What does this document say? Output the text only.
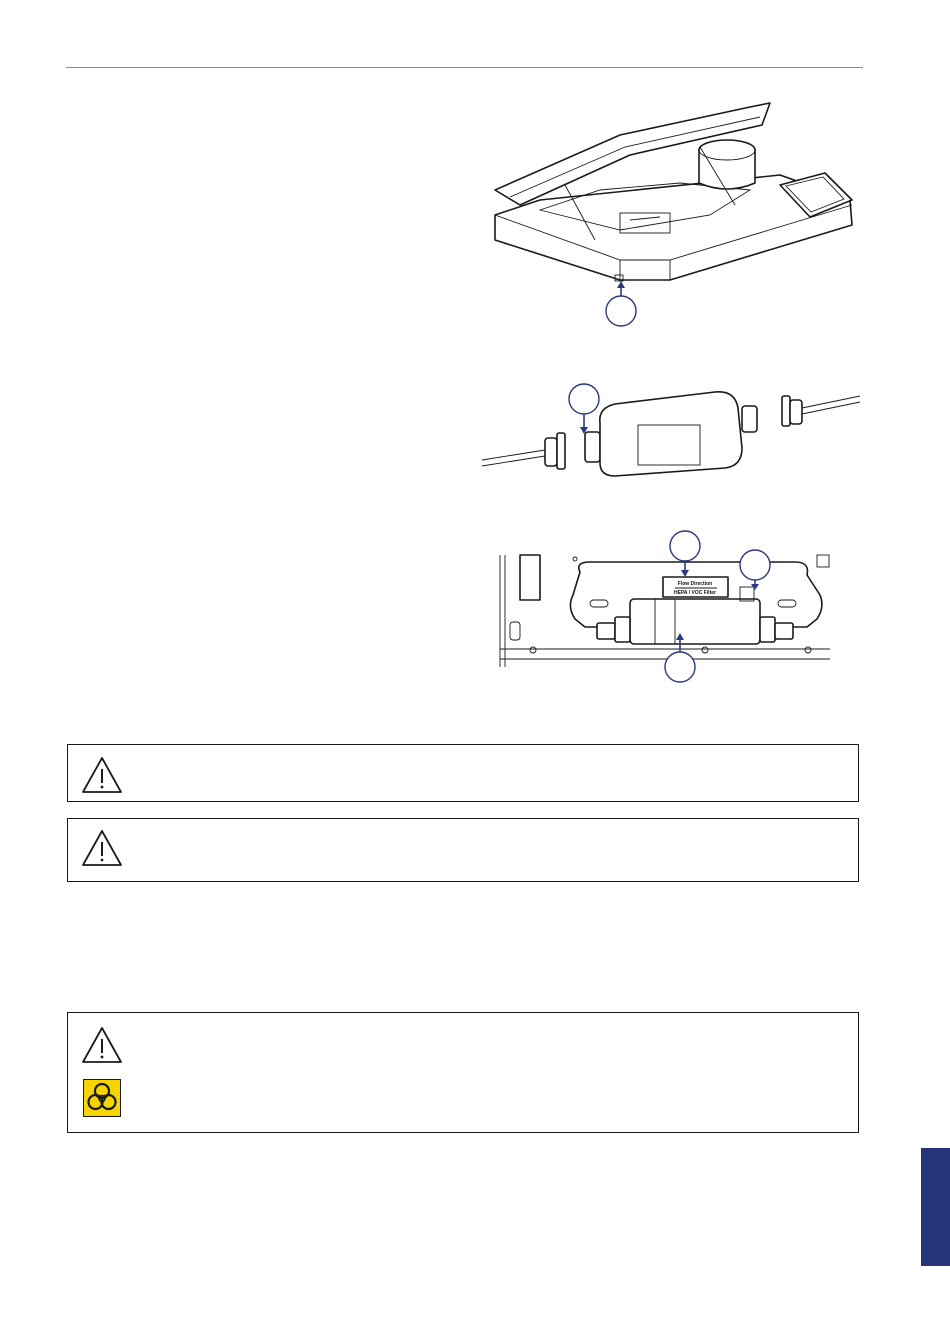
Flow Direction
HEPA / VOC Filter
